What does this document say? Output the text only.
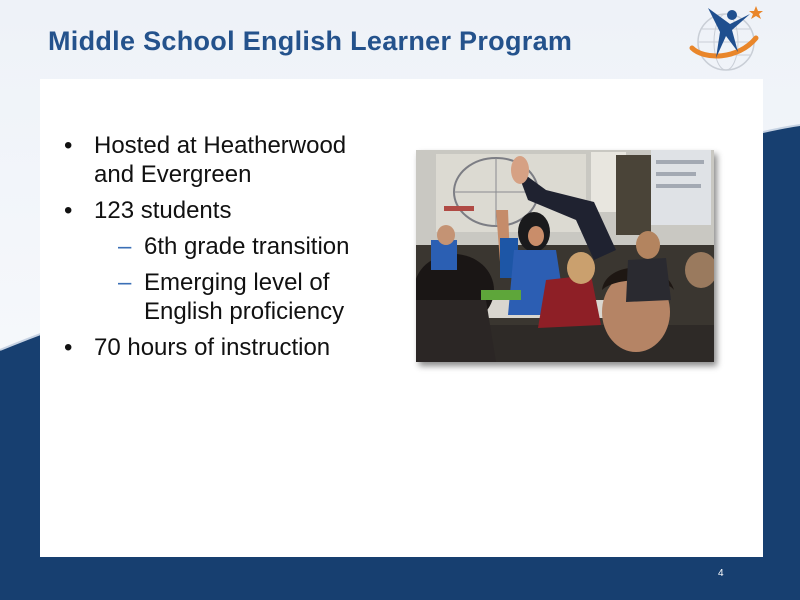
Middle School English Learner Program
• Hosted at Heatherwood and Evergreen
• 123 students
– 6th grade transition
– Emerging level of English proficiency
• 70 hours of instruction
4
